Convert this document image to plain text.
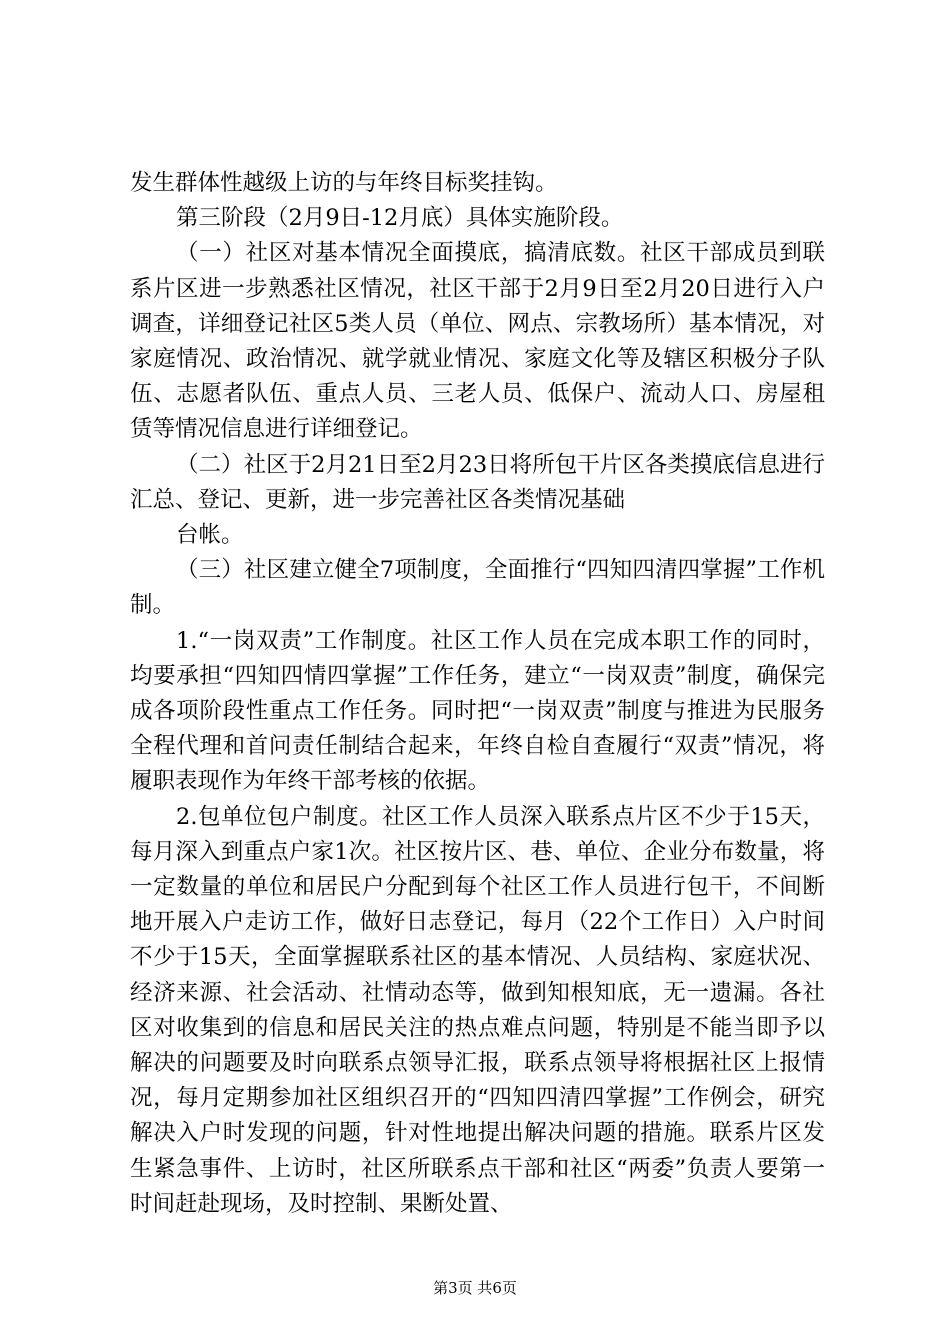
发生群体性越级上访的与年终目标奖挂钩。

第三阶段（2月9日-12月底）具体实施阶段。

（一）社区对基本情况全面摸底，搞清底数。社区干部成员到联系片区进一步熟悉社区情况，社区干部于2月9日至2月20日进行入户调查，详细登记社区5类人员（单位、网点、宗教场所）基本情况，对家庭情况、政治情况、就学就业情况、家庭文化等及辖区积极分子队伍、志愿者队伍、重点人员、三老人员、低保户、流动人口、房屋租赁等情况信息进行详细登记。

（二）社区于2月21日至2月23日将所包干片区各类摸底信息进行汇总、登记、更新，进一步完善社区各类情况基础

台帐。

（三）社区建立健全7项制度，全面推行“四知四清四掌握”工作机制。

1.“一岗双责”工作制度。社区工作人员在完成本职工作的同时，均要承担“四知四情四掌握”工作任务，建立“一岗双责”制度，确保完成各项阶段性重点工作任务。同时把“一岗双责”制度与推进为民服务全程代理和首问责任制结合起来，年终自检自查履行“双责”情况，将履职表现作为年终干部考核的依据。

2.包单位包户制度。社区工作人员深入联系点片区不少于15天，每月深入到重点户家1次。社区按片区、巷、单位、企业分布数量，将一定数量的单位和居民户分配到每个社区工作人员进行包干，不间断地开展入户走访工作，做好日志登记，每月（22个工作日）入户时间不少于15天，全面掌握联系社区的基本情况、人员结构、家庭状况、经济来源、社会活动、社情动态等，做到知根知底，无一遗漏。各社区对收集到的信息和居民关注的热点难点问题，特别是不能当即予以解决的问题要及时向联系点领导汇报，联系点领导将根据社区上报情况，每月定期参加社区组织召开的“四知四清四掌握”工作例会，研究解决入户时发现的问题，针对性地提出解决问题的措施。联系片区发生紧急事件、上访时，社区所联系点干部和社区“两委”负责人要第一时间赶赴现场，及时控制、果断处置、

第3页 共6页
